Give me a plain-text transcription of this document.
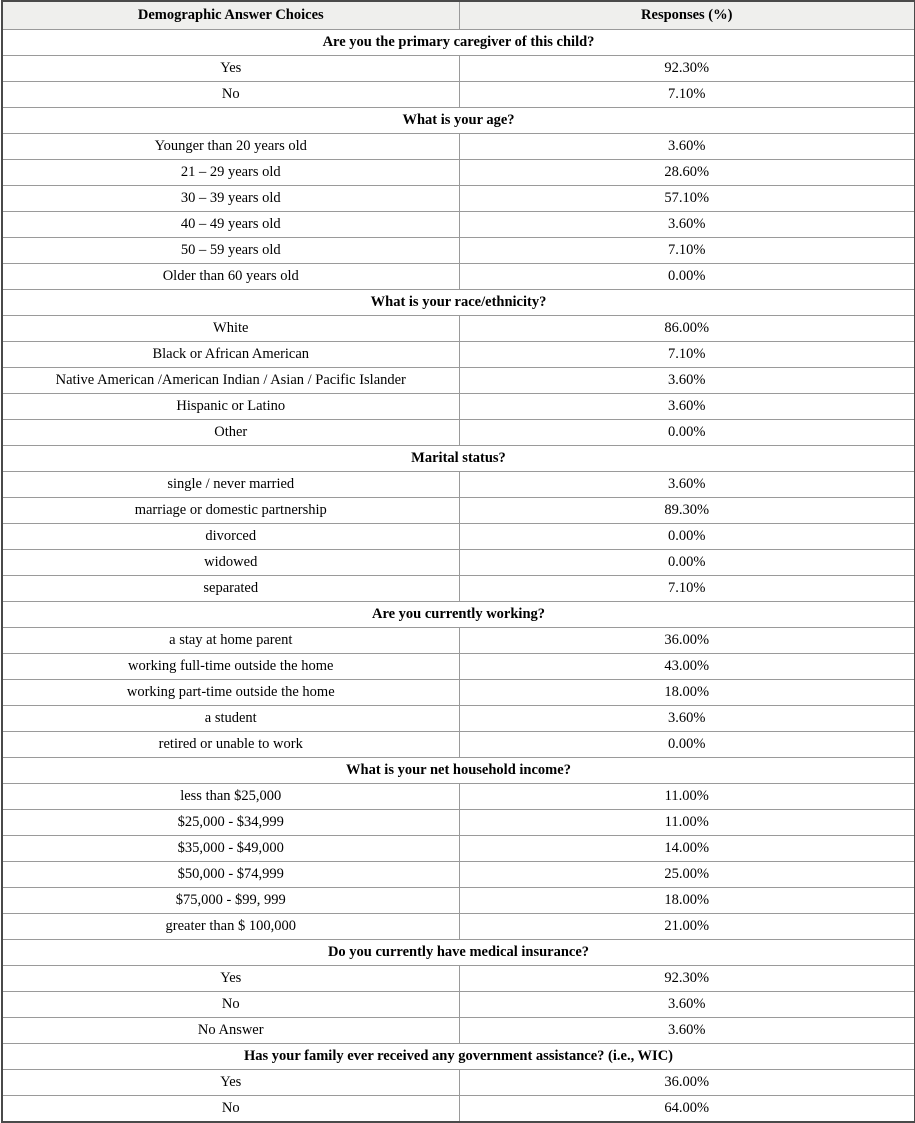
Demographic Answer Choices	Responses (%)
Are you the primary caregiver of this child?	
Yes	92.30%
No	7.10%
What is your age?	
Younger than 20 years old	3.60%
21 – 29 years old	28.60%
30 – 39 years old	57.10%
40 – 49 years old	3.60%
50 – 59 years old	7.10%
Older than 60 years old	0.00%
What is your race/ethnicity?	
White	86.00%
Black or African American	7.10%
Native American /American Indian / Asian / Pacific Islander	3.60%
Hispanic or Latino	3.60%
Other	0.00%
Marital status?	
single / never married	3.60%
marriage or domestic partnership	89.30%
divorced	0.00%
widowed	0.00%
separated	7.10%
Are you currently working?	
a stay at home parent	36.00%
working full-time outside the home	43.00%
working part-time outside the home	18.00%
a student	3.60%
retired or unable to work	0.00%
What is your net household income?	
less than $25,000	11.00%
$25,000 - $34,999	11.00%
$35,000 - $49,000	14.00%
$50,000 - $74,999	25.00%
$75,000 - $99, 999	18.00%
greater than $ 100,000	21.00%
Do you currently have medical insurance?	
Yes	92.30%
No	3.60%
No Answer	3.60%
Has your family ever received any government assistance? (i.e., WIC)	
Yes	36.00%
No	64.00%
